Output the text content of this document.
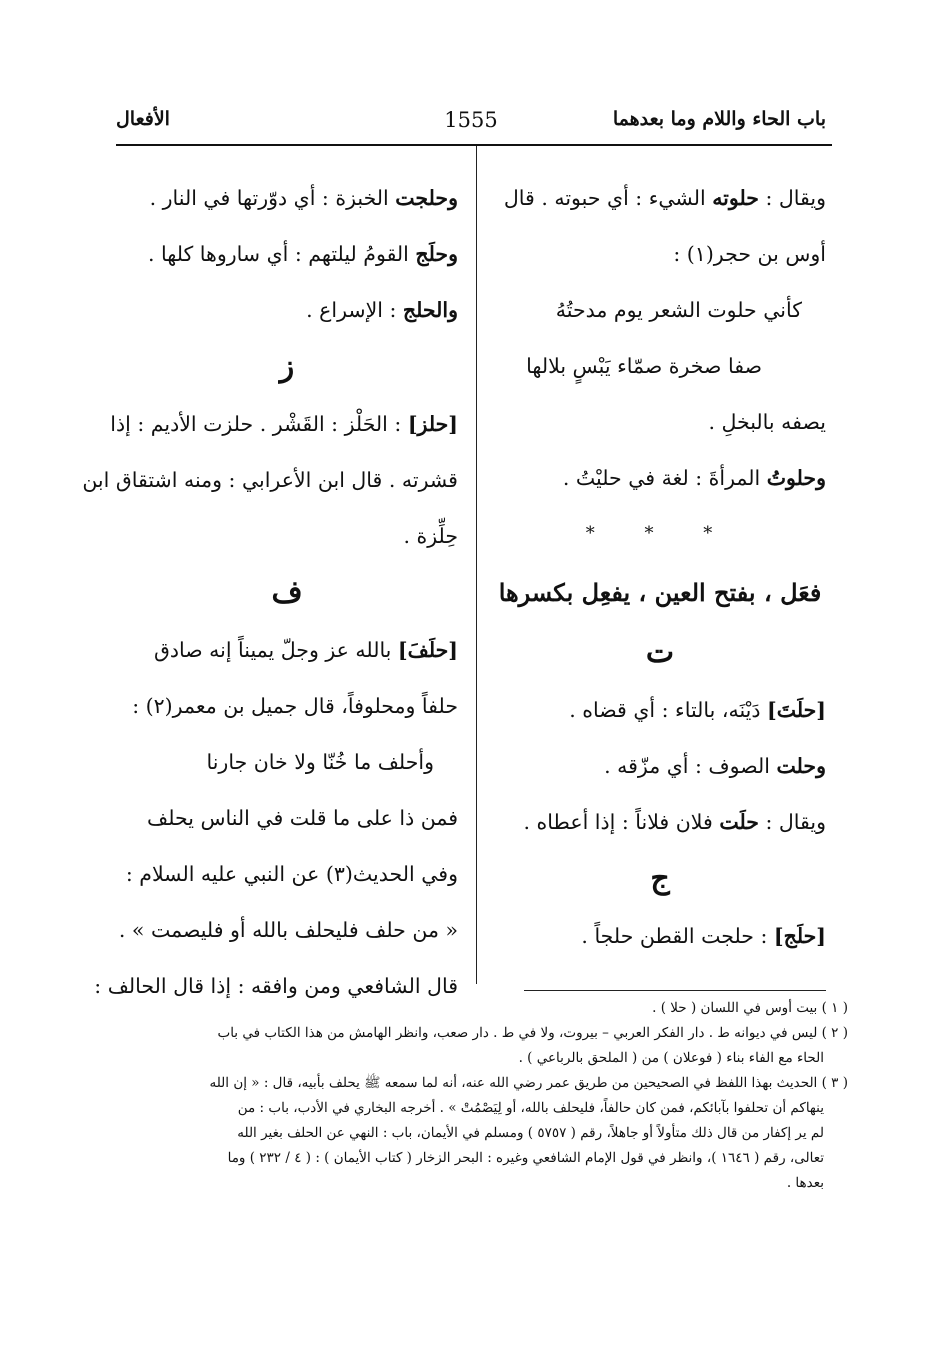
باب الحاء واللام وما بعدهما
1555
الأفعال

ويقال : حلوته الشيء : أي حبوته . قال

أوس بن حجر(١) :

كأني حلوت الشعر يوم مدحتُهُ

صفا صخرة صمّاء يَبْسٍ بلالها

يصفه بالبخلِ .

وحلوتُ المرأةَ : لغة في حليْتُ .

* * *

فعَل ، بفتح العين ، يفعِل بكسرها

ت

[حلَتَ] دَيْنَه، بالتاء : أي قضاه .

وحلت الصوف : أي مزّقه .

ويقال : حلَت فلان فلاناً : إذا أعطاه .

ج

[حلَج] : حلجت القطن حلجاً .

وحلجت الخبزة : أي دوّرتها في النار .

وحلَج القومُ ليلتهم : أي ساروها كلها .

والحلج : الإسراع .

ز

[حلز] : الحَلْز : القَشْر . حلزت الأديم : إذا

قشرته . قال ابن الأعرابي : ومنه اشتقاق ابن

حِلِّزة .

ف

[حلَفَ] بالله عز وجلّ يميناً إنه صادق

حلفاً ومحلوفاً، قال جميل بن معمر(٢) :

وأحلف ما خُنّا ولا خان جارنا

فمن ذا على ما قلت في الناس يحلف

وفي الحديث(٣) عن النبي عليه السلام :

« من حلف فليحلف بالله أو فليصمت » .

قال الشافعي ومن وافقه : إذا قال الحالف :

( ١ ) بيت أوس في اللسان ( حلا ) .

( ٢ ) ليس في ديوانه ط . دار الفكر العربي – بيروت، ولا في ط . دار صعب، وانظر الهامش من هذا الكتاب في باب

الحاء مع الفاء بناء ( فوعلان ) من ( الملحق بالرباعي ) .

( ٣ ) الحديث بهذا اللفظ في الصحيحين من طريق عمر رضي الله عنه، أنه لما سمعه ﷺ يحلف بأبيه، قال : « إن الله

ينهاكم أن تحلفوا بآبائكم، فمن كان حالفاً، فليحلف بالله، أو لِيَصْمُتْ » . أخرجه البخاري في الأدب، باب : من

لم ير إكفار من قال ذلك متأولاً أو جاهلاً، رقم ( ٥٧٥٧ ) ومسلم في الأيمان، باب : النهي عن الحلف بغير الله

تعالى، رقم ( ١٦٤٦ )، وانظر في قول الإمام الشافعي وغيره : البحر الزخار ( كتاب الأيمان ) : ( ٤ / ٢٣٢ ) وما

بعدها .
